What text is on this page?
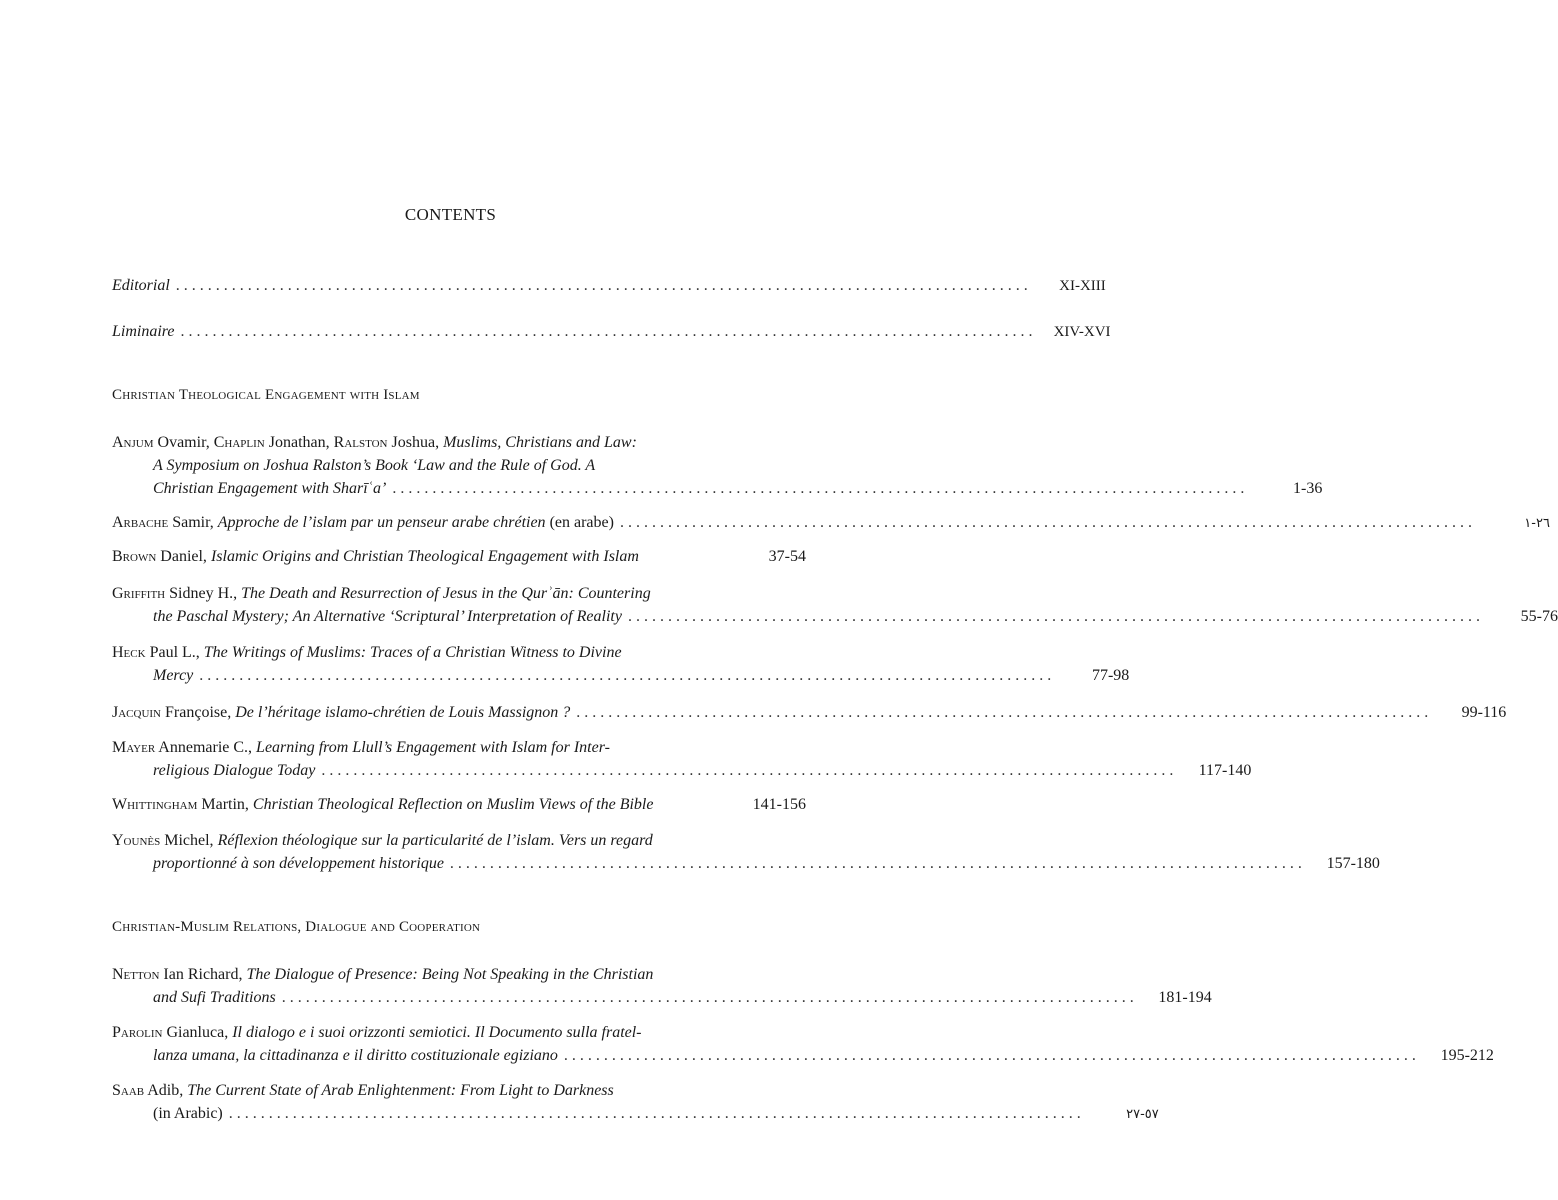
CONTENTS
Editorial . . .	XI-XIII
Liminaire . . .	XIV-XVI
Christian Theological Engagement with Islam
Anjum Ovamir, Chaplin Jonathan, Ralston Joshua, Muslims, Christians and Law:
A Symposium on Joshua Ralston’s Book ‘Law and the Rule of God. A
Christian Engagement with Sharīʿa’ . . .	1-36
Arbache Samir, Approche de l’islam par un penseur arabe chrétien (en arabe) . . .	٢٦-١
Brown Daniel, Islamic Origins and Christian Theological Engagement with Islam	37-54
Griffith Sidney H., The Death and Resurrection of Jesus in the Qurʾān: Countering
the Paschal Mystery; An Alternative ‘Scriptural’ Interpretation of Reality . . .	55-76
Heck Paul L., The Writings of Muslims: Traces of a Christian Witness to Divine
Mercy . . .	77-98
Jacquin Françoise, De l’héritage islamo-chrétien de Louis Massignon ? . . .	99-116
Mayer Annemarie C., Learning from Llull’s Engagement with Islam for Inter-
religious Dialogue Today . . .	117-140
Whittingham Martin, Christian Theological Reflection on Muslim Views of the Bible	141-156
Younès Michel, Réflexion théologique sur la particularité de l’islam. Vers un regard
proportionné à son développement historique . . .	157-180
Christian-Muslim Relations, Dialogue and Cooperation
Netton Ian Richard, The Dialogue of Presence: Being Not Speaking in the Christian
and Sufi Traditions . . .	181-194
Parolin Gianluca, Il dialogo e i suoi orizzonti semiotici. Il Documento sulla fratel-
lanza umana, la cittadinanza e il diritto costituzionale egiziano . . .	195-212
Saab Adib, The Current State of Arab Enlightenment: From Light to Darkness
(in Arabic) . . .	٥٧-٢٧
